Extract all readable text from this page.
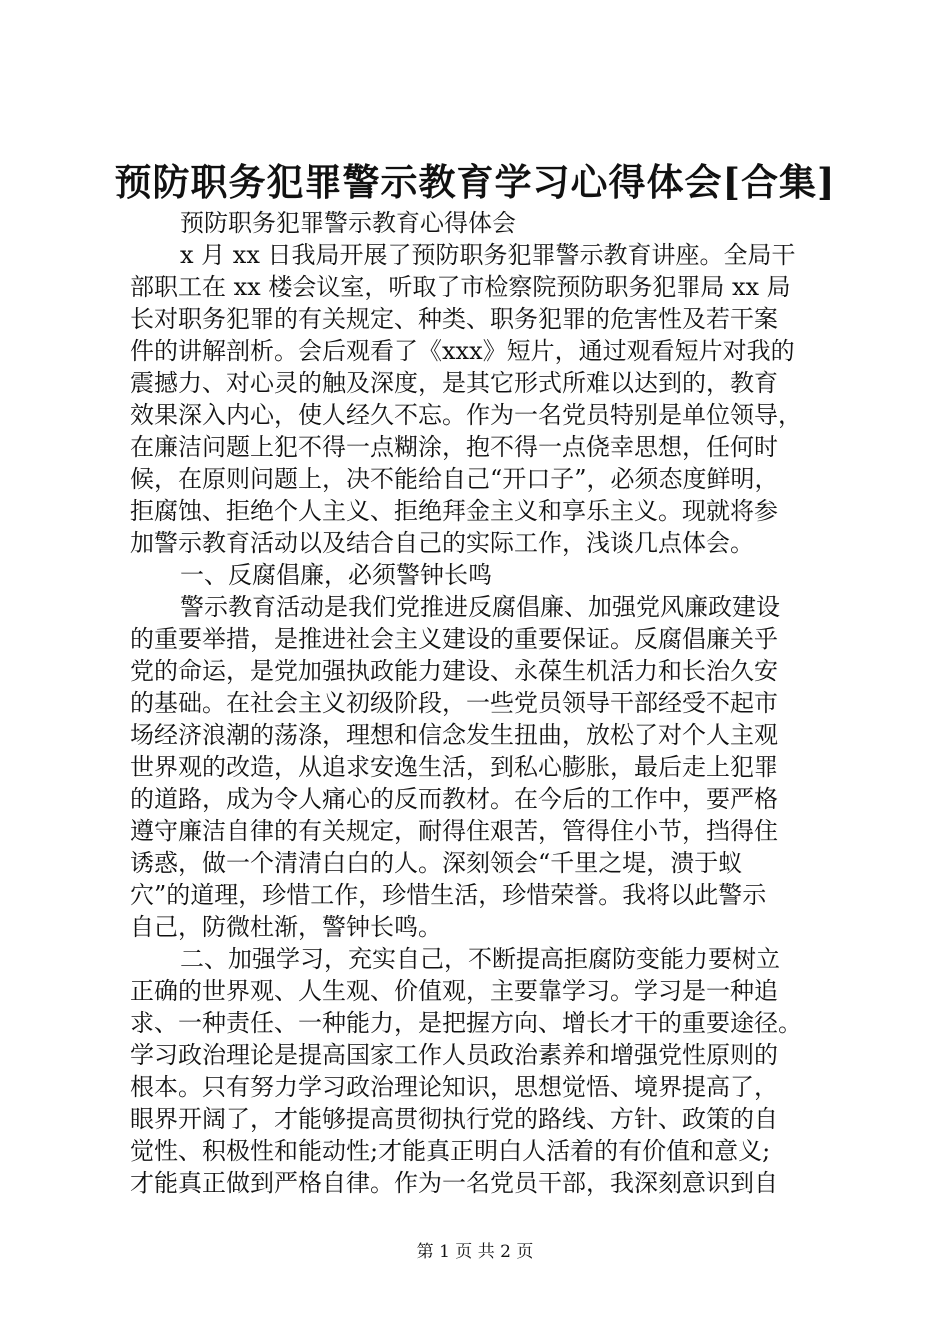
预防职务犯罪警示教育学习心得体会[合集]
预防职务犯罪警示教育心得体会
x 月 xx 日我局开展了预防职务犯罪警示教育讲座。全局干
部职工在 xx 楼会议室，听取了市检察院预防职务犯罪局 xx 局
长对职务犯罪的有关规定、种类、职务犯罪的危害性及若干案
件的讲解剖析。会后观看了《xxx》短片，通过观看短片对我的
震撼力、对心灵的触及深度，是其它形式所难以达到的，教育
效果深入内心，使人经久不忘。作为一名党员特别是单位领导，
在廉洁问题上犯不得一点糊涂，抱不得一点侥幸思想，任何时
候，在原则问题上，决不能给自己“开口子”，必须态度鲜明，
拒腐蚀、拒绝个人主义、拒绝拜金主义和享乐主义。现就将参
加警示教育活动以及结合自己的实际工作，浅谈几点体会。
一、反腐倡廉，必须警钟长鸣
警示教育活动是我们党推进反腐倡廉、加强党风廉政建设
的重要举措，是推进社会主义建设的重要保证。反腐倡廉关乎
党的命运，是党加强执政能力建设、永葆生机活力和长治久安
的基础。在社会主义初级阶段，一些党员领导干部经受不起市
场经济浪潮的荡涤，理想和信念发生扭曲，放松了对个人主观
世界观的改造，从追求安逸生活，到私心膨胀，最后走上犯罪
的道路，成为令人痛心的反而教材。在今后的工作中，要严格
遵守廉洁自律的有关规定，耐得住艰苦，管得住小节，挡得住
诱惑，做一个清清白白的人。深刻领会“千里之堤，溃于蚁
穴”的道理，珍惜工作，珍惜生活，珍惜荣誉。我将以此警示
自己，防微杜渐，警钟长鸣。
二、加强学习，充实自己，不断提高拒腐防变能力要树立
正确的世界观、人生观、价值观，主要靠学习。学习是一种追
求、一种责任、一种能力，是把握方向、增长才干的重要途径。
学习政治理论是提高国家工作人员政治素养和增强党性原则的
根本。只有努力学习政治理论知识，思想觉悟、境界提高了，
眼界开阔了，才能够提高贯彻执行党的路线、方针、政策的自
觉性、积极性和能动性;才能真正明白人活着的有价值和意义;
才能真正做到严格自律。作为一名党员干部，我深刻意识到自
第 1 页 共 2 页
